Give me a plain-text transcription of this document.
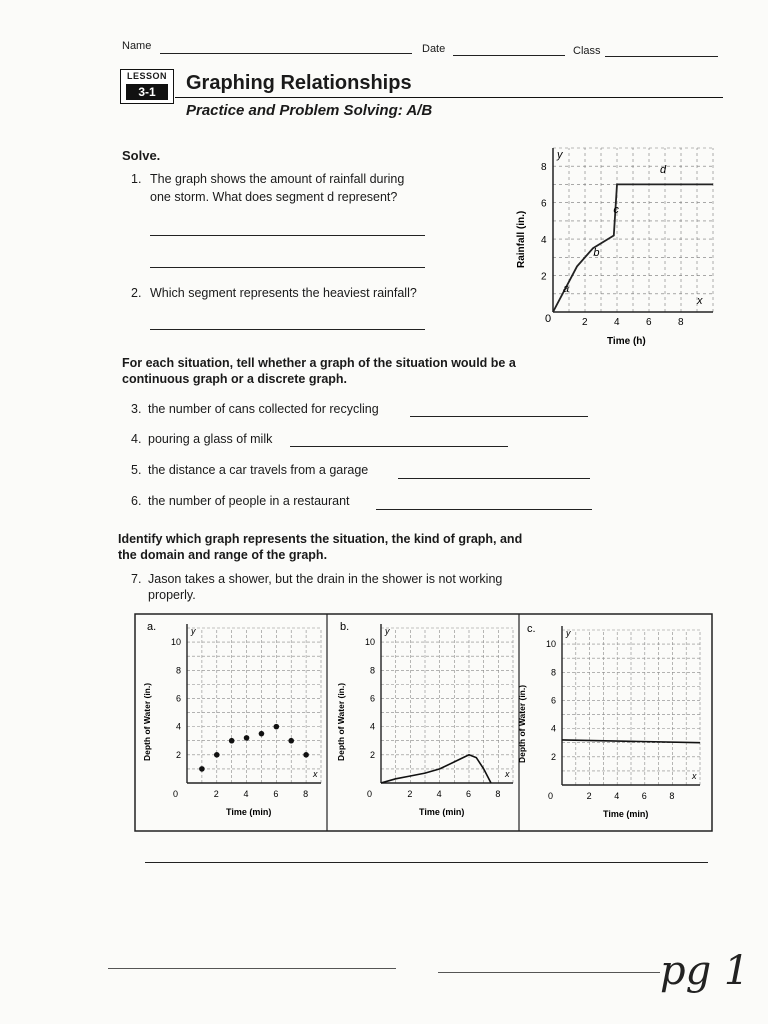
Name	Date	Class
LESSON
3-1	Graphing Relationships
Practice and Problem Solving: A/B
Solve.
1. The graph shows the amount of rainfall during
one storm. What does segment d represent?
2. Which segment represents the heaviest rainfall?
2	4	6	8
2
4
6
8
a
b
c
d
y
x
0
Rainfall (in.)
Time (h)
For each situation, tell whether a graph of the situation would be a
continuous graph or a discrete graph.
3. the number of cans collected for recycling
4. pouring a glass of milk
5. the distance a car travels from a garage
6. the number of people in a restaurant
Identify which graph represents the situation, the kind of graph, and
the domain and range of the graph.
7. Jason takes a shower, but the drain in the shower is not working
properly.
2	4	6	8
2
4
6
8
10
0
y
x
Depth of Water (in.)
Time (min)
2	4	6	8
2
4
6
8
10
0
y
x
Depth of Water (in.)
Time (min)
2	4	6	8
2
4
6
8
10
0
y
x
Depth of Water (in.)
Time (min)
a.	b.	c.
pg 1
